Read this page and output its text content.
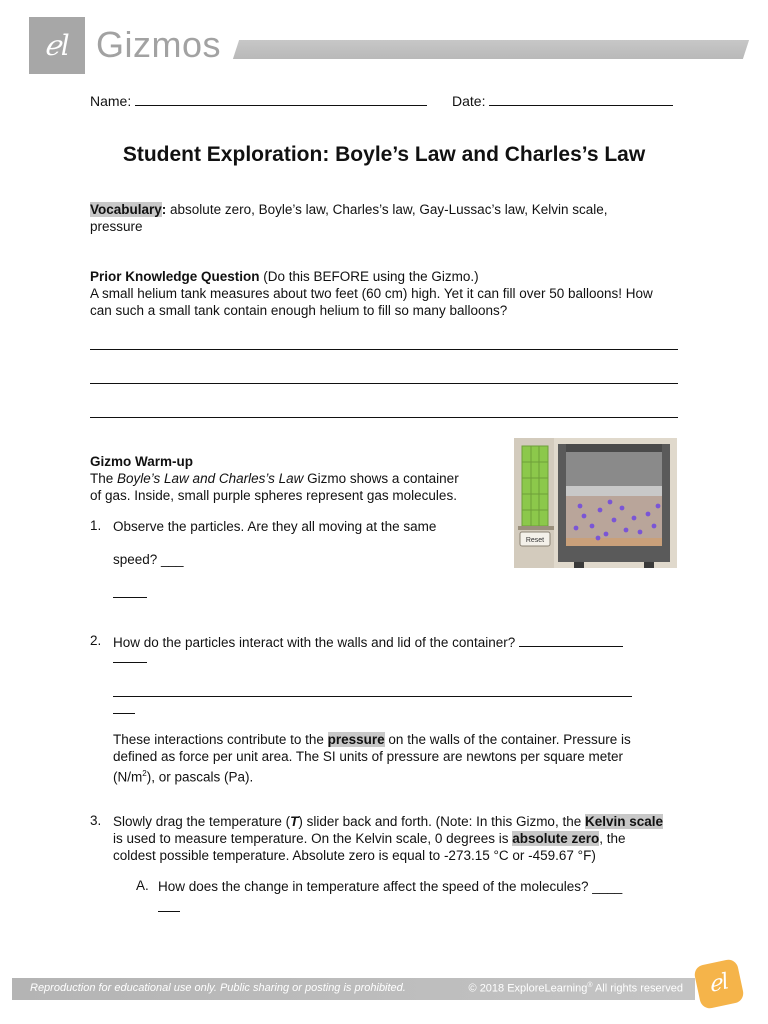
ℯl Gizmos
Name:	Date:
Student Exploration: Boyle’s Law and Charles’s Law
Vocabulary: absolute zero, Boyle’s law, Charles’s law, Gay-Lussac’s law, Kelvin scale,
pressure
Prior Knowledge Question (Do this BEFORE using the Gizmo.)
A small helium tank measures about two feet (60 cm) high. Yet it can fill over 50 balloons! How
can such a small tank contain enough helium to fill so many balloons?
Gizmo Warm-up
The Boyle’s Law and Charles’s Law Gizmo shows a container
of gas. Inside, small purple spheres represent gas molecules.
Reset
1. Observe the particles. Are they all moving at the same
speed? ___
2. How do the particles interact with the walls and lid of the container?
These interactions contribute to the pressure on the walls of the container. Pressure is
defined as force per unit area. The SI units of pressure are newtons per square meter
$(N/m^2)$, or pascals (Pa).
3. Slowly drag the temperature (T) slider back and forth. (Note: In this Gizmo, the Kelvin scale
is used to measure temperature. On the Kelvin scale, 0 degrees is absolute zero, the
coldest possible temperature. Absolute zero is equal to -273.15 °C or -459.67 °F)
A. How does the change in temperature affect the speed of the molecules? ____
Reproduction for educational use only. Public sharing or posting is prohibited.	© 2018 ExploreLearning® All rights reserved	ℯl
